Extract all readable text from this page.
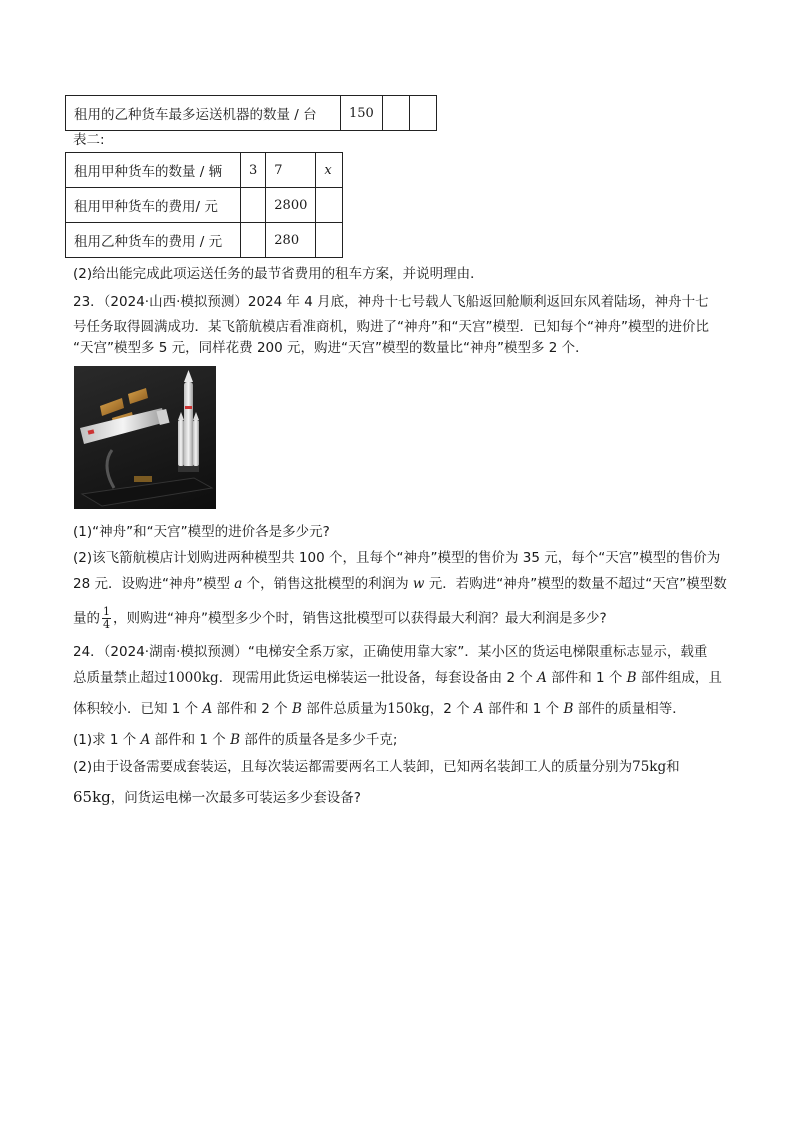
租用的乙种货车最多运送机器的数量 / 台	150		
表二:
租用甲种货车的数量 / 辆	3	7	x
租用甲种货车的费用/ 元		2800	
租用乙种货车的费用 / 元		280	
(2)给出能完成此项运送任务的最节省费用的租车方案，并说明理由．
23．（2024·山西·模拟预测）2024 年 4 月底，神舟十七号载人飞船返回舱顺利返回东风着陆场，神舟十七
号任务取得圆满成功．某飞箭航模店看准商机，购进了“神舟”和“天宫”模型．已知每个“神舟”模型的进价比
“天宫”模型多 5 元，同样花费 200 元，购进“天宫”模型的数量比“神舟”模型多 2 个．
(1)“神舟”和“天宫”模型的进价各是多少元?
(2)该飞箭航模店计划购进两种模型共 100 个，且每个“神舟”模型的售价为 35 元，每个“天宫”模型的售价为
28 元．设购进“神舟”模型 a 个，销售这批模型的利润为 w 元．若购进“神舟”模型的数量不超过“天宫”模型数
量的 $\frac{1}{4}$ ，则购进“神舟”模型多少个时，销售这批模型可以获得最大利润？最大利润是多少?
24．（2024·湖南·模拟预测）“电梯安全系万家，正确使用靠大家”．某小区的货运电梯限重标志显示，载重
总质量禁止超过1000kg．现需用此货运电梯装运一批设备，每套设备由 2 个 A 部件和 1 个 B 部件组成，且
体积较小．已知 1 个 A 部件和 2 个 B 部件总质量为150kg，2 个 A 部件和 1 个 B 部件的质量相等．
(1)求 1 个 A 部件和 1 个 B 部件的质量各是多少千克;
(2)由于设备需要成套装运，且每次装运都需要两名工人装卸，已知两名装卸工人的质量分别为75kg和
65kg，问货运电梯一次最多可装运多少套设备?
